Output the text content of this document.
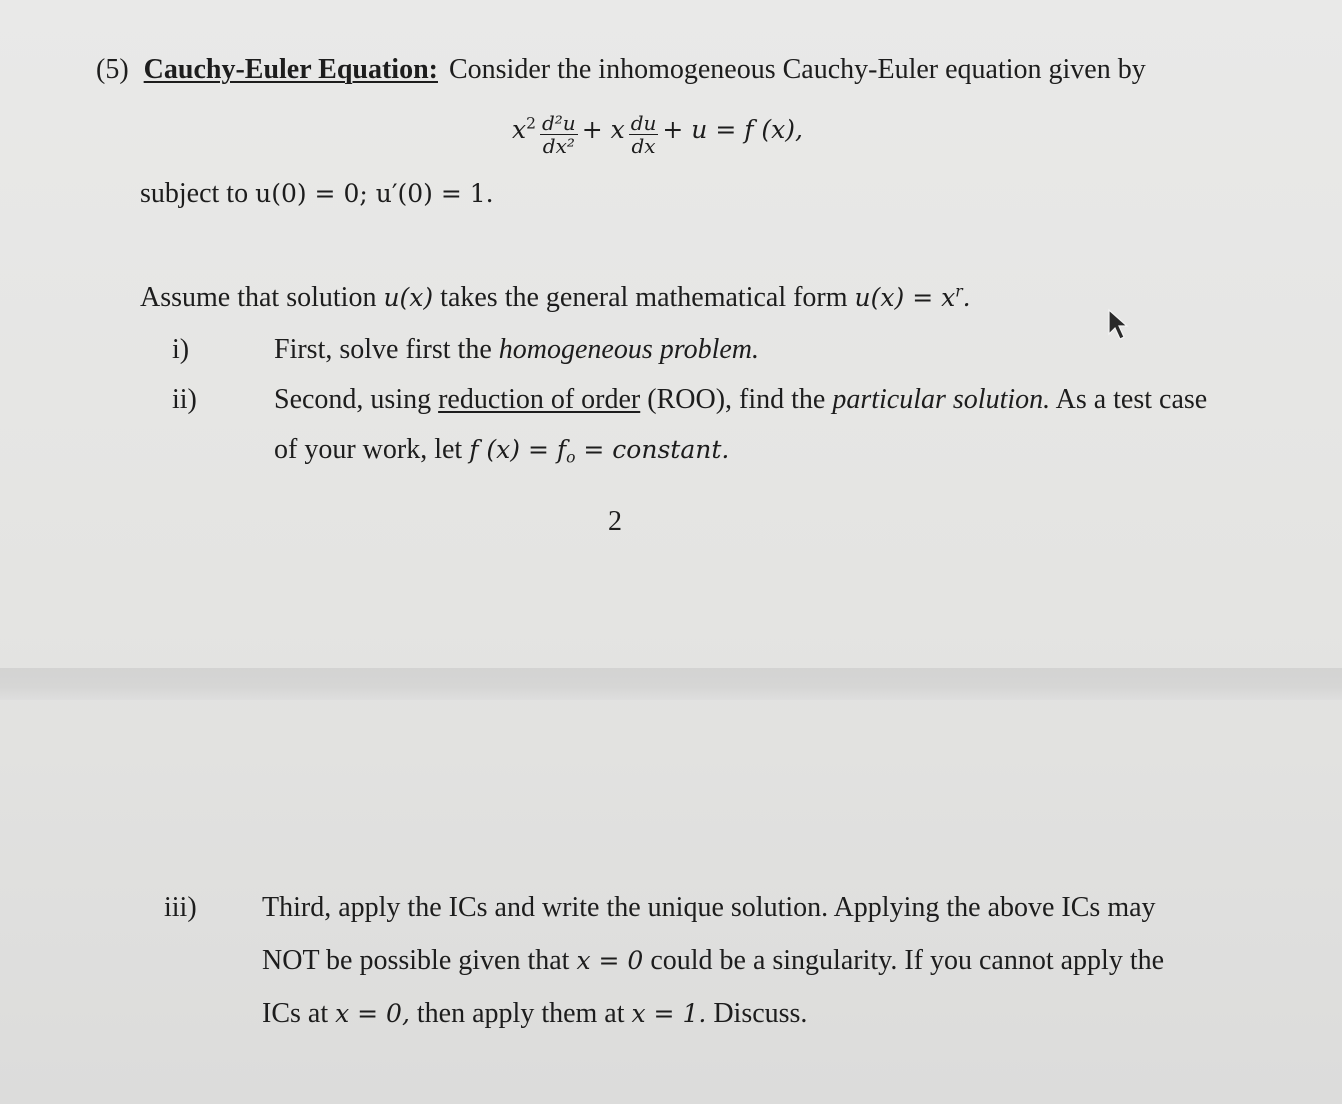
(5) Cauchy-Euler Equation: Consider the inhomogeneous Cauchy-Euler equation given by
$x^2 \frac{\text{d²u}}{\text{dx²}} + x \frac{du}{dx} + u = f$ (x),
subject to u(0) = 0; u′(0) = 1.
Assume that solution u(x) takes the general mathematical form $u(x) = x^r$.
i)	First, solve first the homogeneous problem.
ii)	Second, using reduction of order (ROO), find the particular solution. As a test case
of your work, let f $(x) = f_o$ = constant.
2
iii) Third, apply the ICs and write the unique solution. Applying the above ICs may
NOT be possible given that x = 0 could be a singularity. If you cannot apply the
ICs at x = 0, then apply them at x = 1. Discuss.
